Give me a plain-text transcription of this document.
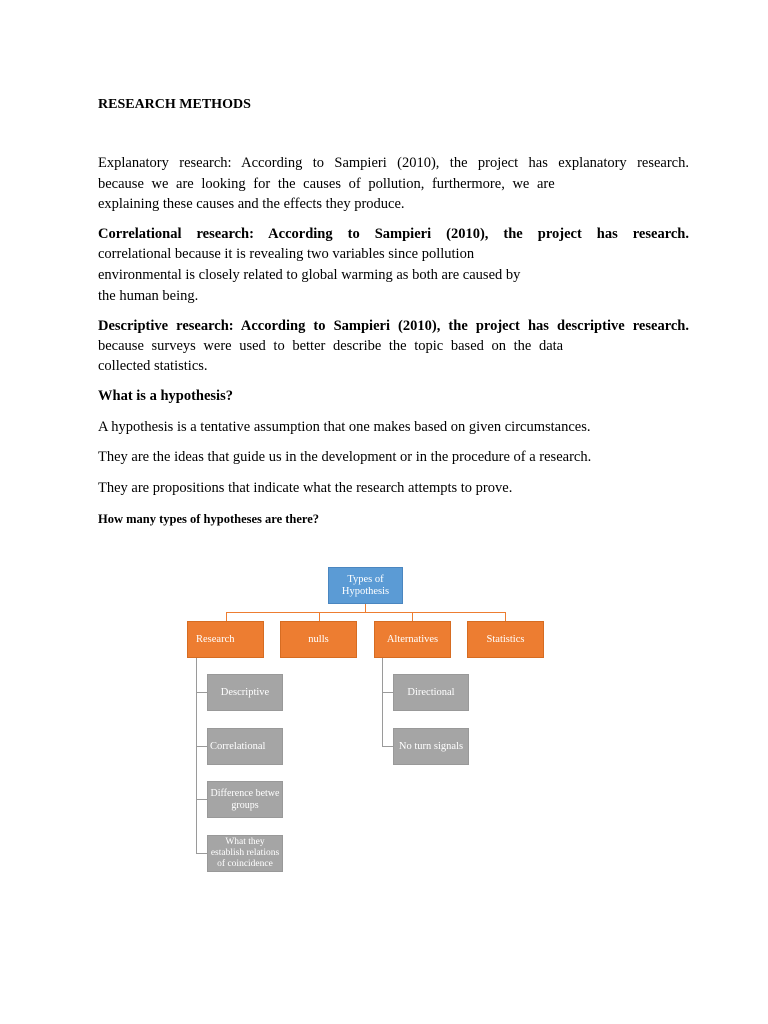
RESEARCH METHODS
Explanatory research: According to Sampieri (2010), the project has explanatory research.
because we are looking for the causes of pollution, furthermore, we are
explaining these causes and the effects they produce.
Correlational research: According to Sampieri (2010), the project has research.
correlational because it is revealing two variables since pollution
environmental is closely related to global warming as both are caused by
the human being.
Descriptive research: According to Sampieri (2010), the project has descriptive research.
because surveys were used to better describe the topic based on the data
collected statistics.
What is a hypothesis?
A hypothesis is a tentative assumption that one makes based on given circumstances.
They are the ideas that guide us in the development or in the procedure of a research.
They are propositions that indicate what the research attempts to prove.
How many types of hypotheses are there?
Types of Hypothesis
Research	nulls	Alternatives	Statistics
Descriptive
Correlational
Difference betwe groups
What they establish relations of coincidence
Directional
No turn signals
